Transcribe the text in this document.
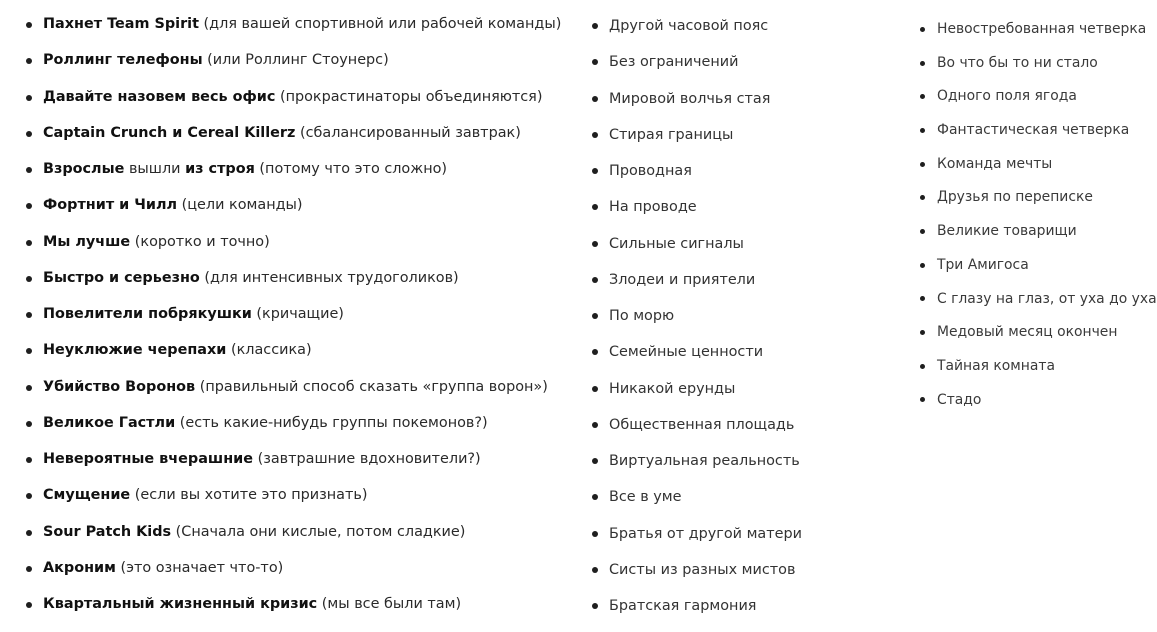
Пахнет Team Spirit (для вашей спортивной или рабочей команды)
Роллинг телефоны (или Роллинг Стоунерс)
Давайте назовем весь офис (прокрастинаторы объединяются)
Captain Crunch и Cereal Killerz (сбалансированный завтрак)
Взрослые вышли из строя (потому что это сложно)
Фортнит и Чилл (цели команды)
Мы лучше (коротко и точно)
Быстро и серьезно (для интенсивных трудоголиков)
Повелители побрякушки (кричащие)
Неуклюжие черепахи (классика)
Убийство Воронов (правильный способ сказать «группа ворон»)
Великое Гастли (есть какие-нибудь группы покемонов?)
Невероятные вчерашние (завтрашние вдохновители?)
Смущение (если вы хотите это признать)
Sour Patch Kids (Сначала они кислые, потом сладкие)
Акроним (это означает что-то)
Квартальный жизненный кризис (мы все были там)
Другой часовой пояс
Без ограничений
Мировой волчья стая
Стирая границы
Проводная
На проводе
Сильные сигналы
Злодеи и приятели
По морю
Семейные ценности
Никакой ерунды
Общественная площадь
Виртуальная реальность
Все в уме
Братья от другой матери
Систы из разных мистов
Братская гармония
Невостребованная четверка
Во что бы то ни стало
Одного поля ягода
Фантастическая четверка
Команда мечты
Друзья по переписке
Великие товарищи
Три Амигоса
С глазу на глаз, от уха до уха
Медовый месяц окончен
Тайная комната
Стадо
